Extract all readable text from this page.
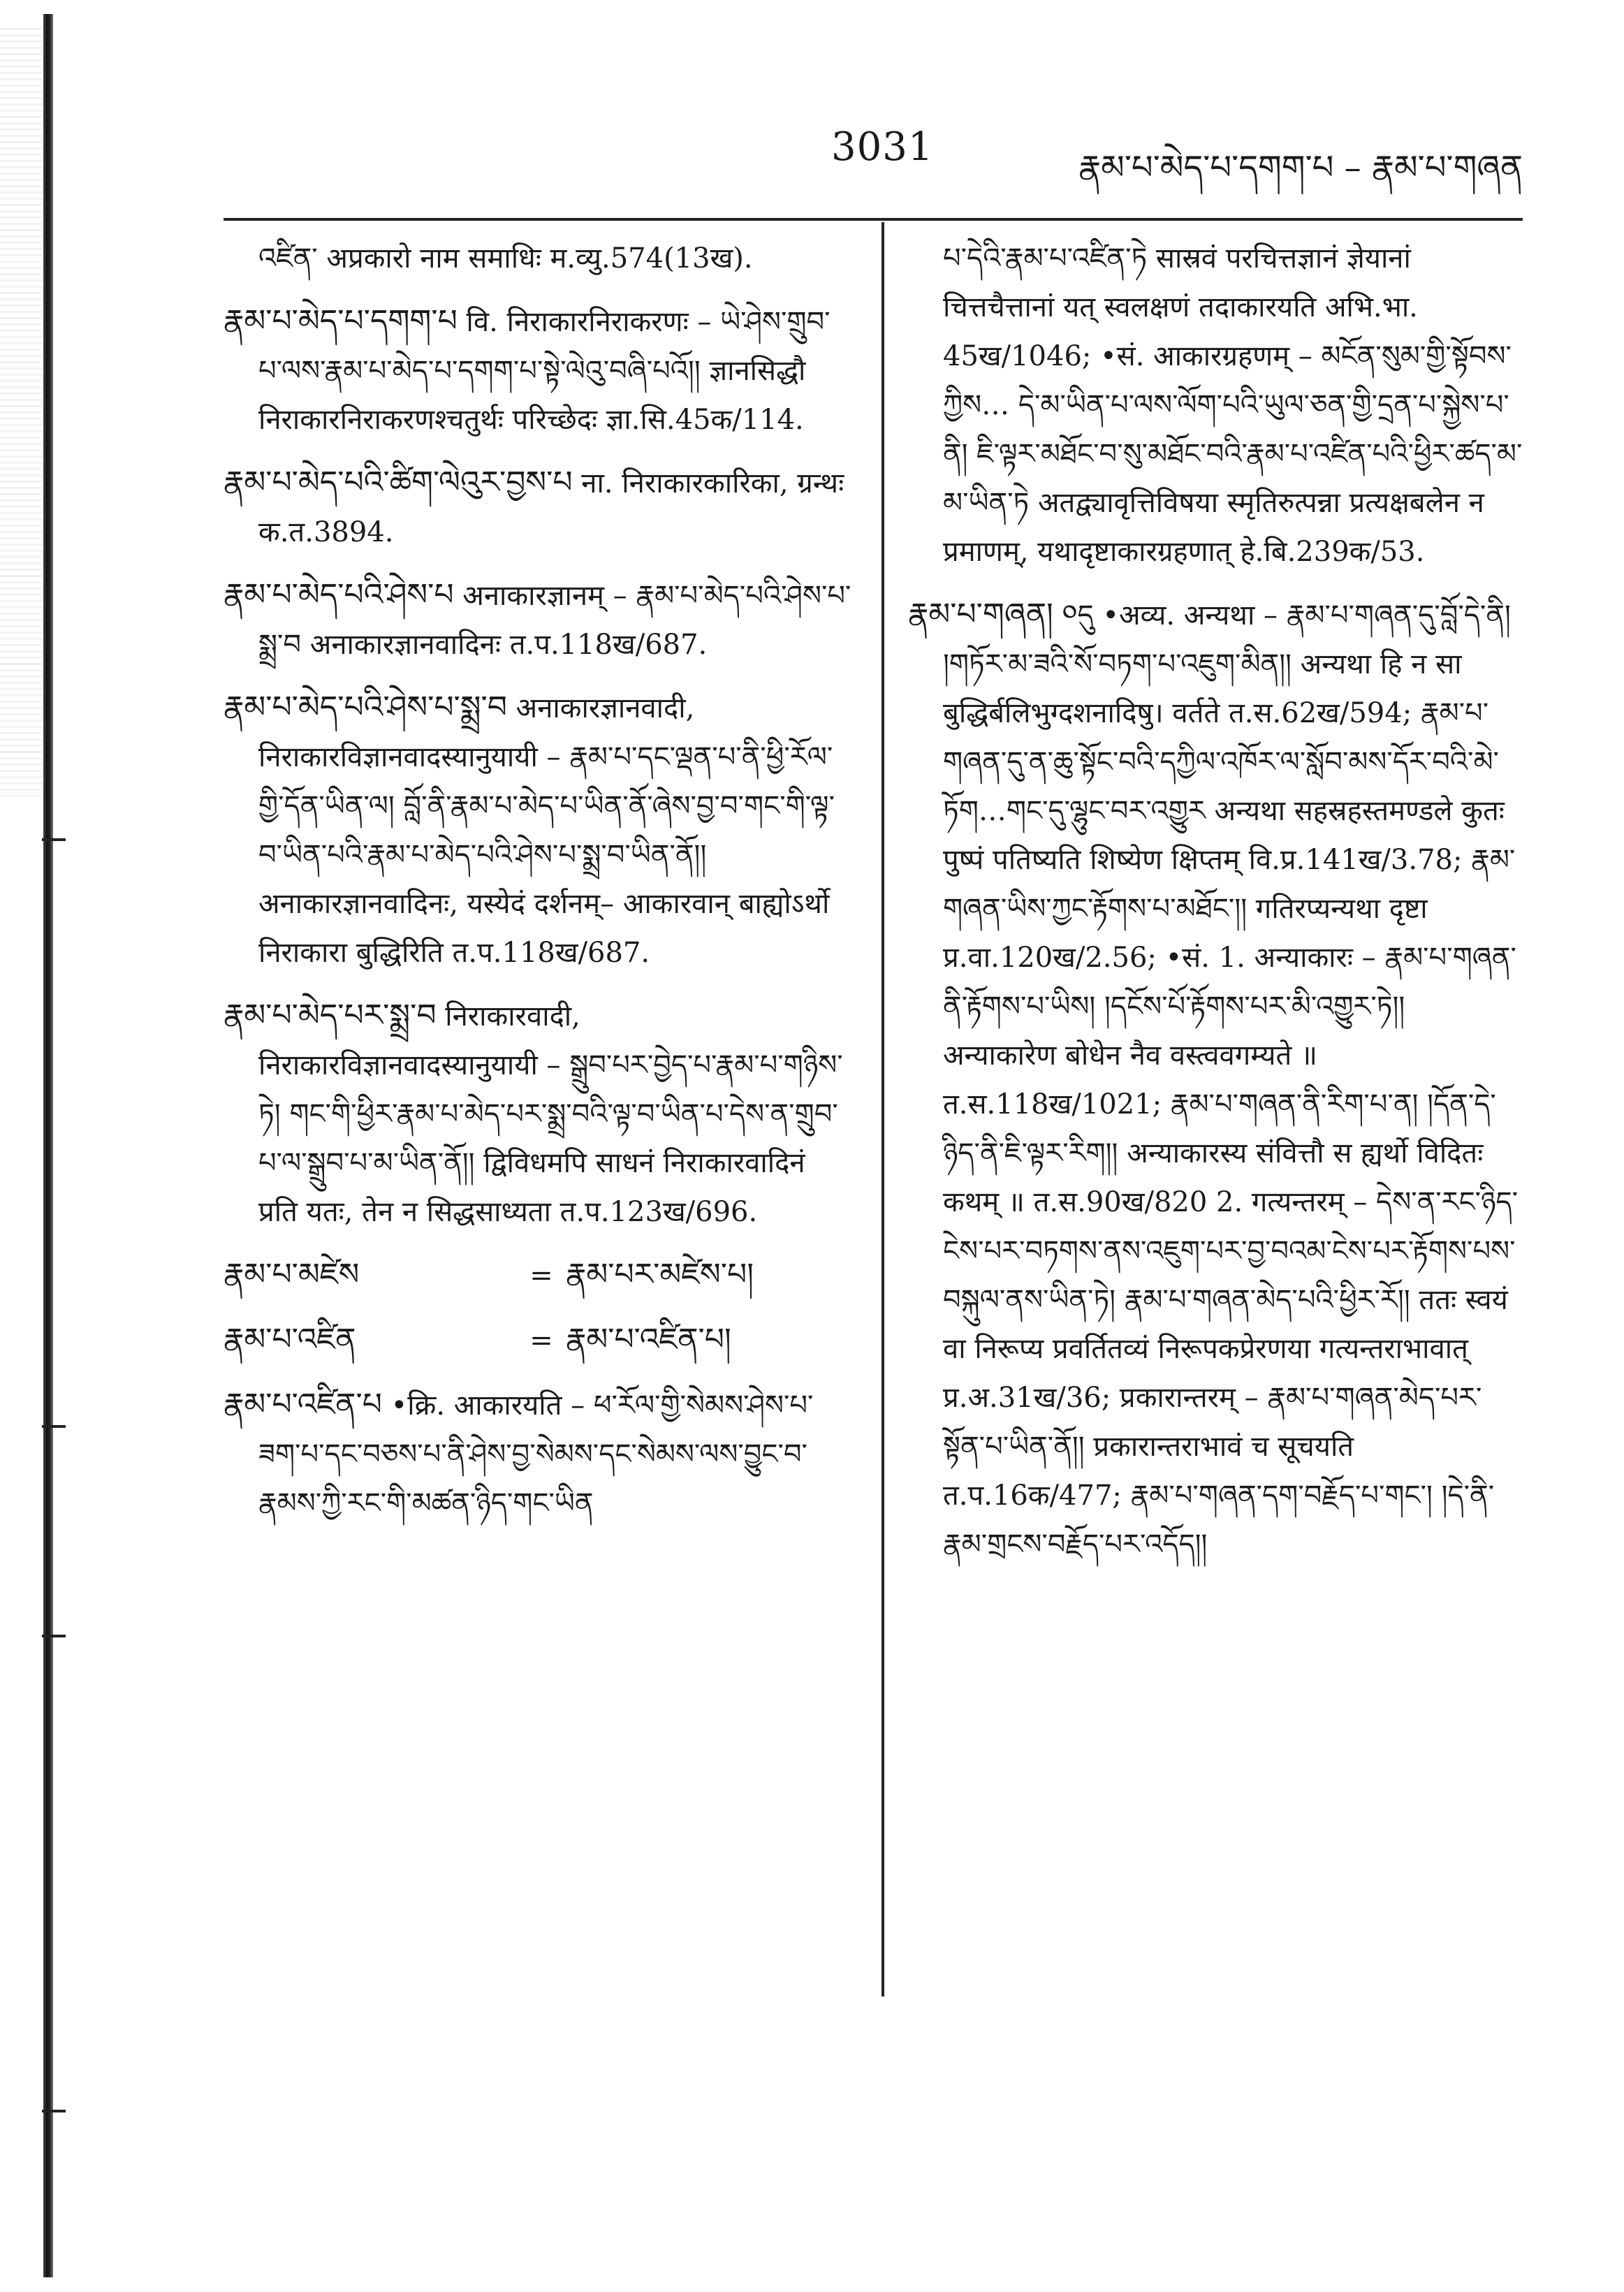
3031	རྣམ་པ་མེད་པ་དགག་པ – རྣམ་པ་གཞན

འཛིན་ अप्रकारो नाम समाधिः म.व्यु.574(13ख).

རྣམ་པ་མེད་པ་དགག་པ वि. निराकारनिराकरणः – ཡེ་ཤེས་གྲུབ་པ་ལས་རྣམ་པ་མེད་པ་དགག་པ་སྟེ་ལེའུ་བཞི་པའོ།། ज्ञानसिद्धौ निराकारनिराकरणश्चतुर्थः परिच्छेदः ज्ञा.सि.45क/114.

རྣམ་པ་མེད་པའི་ཚིག་ལེའུར་བྱས་པ ना. निराकारकारिका, ग्रन्थः क.त.3894.

རྣམ་པ་མེད་པའི་ཤེས་པ अनाकारज्ञानम् – རྣམ་པ་མེད་པའི་ཤེས་པ་སྨྲ་བ अनाकारज्ञानवादिनः त.प.118ख/687.

རྣམ་པ་མེད་པའི་ཤེས་པ་སྨྲ་བ अनाकारज्ञानवादी, निराकारविज्ञानवादस्यानुयायी – རྣམ་པ་དང་ལྡན་པ་ནི་ཕྱི་རོལ་གྱི་དོན་ཡིན་ལ། བློ་ནི་རྣམ་པ་མེད་པ་ཡིན་ནོ་ཞེས་བྱ་བ་གང་གི་ལྟ་བ་ཡིན་པའི་རྣམ་པ་མེད་པའི་ཤེས་པ་སྨྲ་བ་ཡིན་ནོ།། अनाकारज्ञानवादिनः, यस्येदं दर्शनम्– आकारवान् बाह्योऽर्थो निराकारा बुद्धिरिति त.प.118ख/687.

རྣམ་པ་མེད་པར་སྨྲ་བ निराकारवादी, निराकारविज्ञानवादस्यानुयायी – སྒྲུབ་པར་བྱེད་པ་རྣམ་པ་གཉིས་ཏེ། གང་གི་ཕྱིར་རྣམ་པ་མེད་པར་སྨྲ་བའི་ལྟ་བ་ཡིན་པ་དེས་ན་གྲུབ་པ་ལ་སྒྲུབ་པ་མ་ཡིན་ནོ།། द्विविधमपि साधनं निराकारवादिनं प्रति यतः, तेन न सिद्धसाध्यता त.प.123ख/696.

རྣམ་པ་མཛེས	= རྣམ་པར་མཛེས་པ།
རྣམ་པ་འཛིན	= རྣམ་པ་འཛིན་པ།

རྣམ་པ་འཛིན་པ •क्रि. आकारयति – ཕ་རོལ་གྱི་སེམས་ཤེས་པ་ཟག་པ་དང་བཅས་པ་ནི་ཤེས་བྱ་སེམས་དང་སེམས་ལས་བྱུང་བ་རྣམས་ཀྱི་རང་གི་མཚན་ཉིད་གང་ཡིན

པ་དེའི་རྣམ་པ་འཛིན་ཏེ सास्रवं परचित्तज्ञानं ज्ञेयानां चित्तचैत्तानां यत् स्वलक्षणं तदाकारयति अभि.भा. 45ख/1046; •सं. आकारग्रहणम् – མངོན་སུམ་གྱི་སྟོབས་ཀྱིས… དེ་མ་ཡིན་པ་ལས་ལོག་པའི་ཡུལ་ཅན་གྱི་དྲན་པ་སྐྱེས་པ་ནི། ཇི་ལྟར་མཐོང་བ་སུ་མཐོང་བའི་རྣམ་པ་འཛིན་པའི་ཕྱིར་ཚད་མ་མ་ཡིན་ཏེ अतद्व्यावृत्तिविषया स्मृतिरुत्पन्ना प्रत्यक्षबलेन न प्रमाणम्, यथादृष्टाकारग्रहणात् हे.बि.239क/53.

རྣམ་པ་གཞན། ༠དུ •अव्य. अन्यथा – རྣམ་པ་གཞན་དུ་བློ་དེ་ནི། །གཏོར་མ་ཟའི་སོ་བཏག་པ་འཇུག་མིན།། अन्यथा हि न सा बुद्धिर्बलिभुग्दशनादिषु। वर्तते त.स.62ख/594; རྣམ་པ་གཞན་དུ་ན་ཆུ་སྟོང་བའི་དཀྱིལ་འཁོར་ལ་སློབ་མས་དོར་བའི་མེ་ཏོག…གང་དུ་ལྷུང་བར་འགྱུར अन्यथा सहस्रहस्तमण्डले कुतः पुष्पं पतिष्यति शिष्येण क्षिप्तम् वि.प्र.141ख/3.78; རྣམ་གཞན་ཡིས་ཀྱང་རྟོགས་པ་མཐོང་།། गतिरप्यन्यथा दृष्टा प्र.वा.120ख/2.56; •सं. 1. अन्याकारः – རྣམ་པ་གཞན་ནི་རྟོགས་པ་ཡིས། །དངོས་པོ་རྟོགས་པར་མི་འགྱུར་ཏེ།། अन्याकारेण बोधेन नैव वस्त्ववगम्यते ॥ त.स.118ख/1021; རྣམ་པ་གཞན་ནི་རིག་པ་ན། །དོན་དེ་ཉིད་ནི་ཇི་ལྟར་རིག།། अन्याकारस्य संवित्तौ स ह्यर्थो विदितः कथम् ॥ त.स.90ख/820 2. गत्यन्तरम् – དེས་ན་རང་ཉིད་ངེས་པར་བཏགས་ནས་འཇུག་པར་བྱ་བའམ་ངེས་པར་རྟོགས་པས་བསྐུལ་ནས་ཡིན་ཏེ། རྣམ་པ་གཞན་མེད་པའི་ཕྱིར་རོ།། ततः स्वयं वा निरूप्य प्रवर्तितव्यं निरूपकप्रेरणया गत्यन्तराभावात् प्र.अ.31ख/36; प्रकारान्तरम् – རྣམ་པ་གཞན་མེད་པར་སྟོན་པ་ཡིན་ནོ།། प्रकारान्तराभावं च सूचयति त.प.16क/477; རྣམ་པ་གཞན་དག་བརྗོད་པ་གང་། །དེ་ནི་རྣམ་གྲངས་བརྗོད་པར་འདོད།།
